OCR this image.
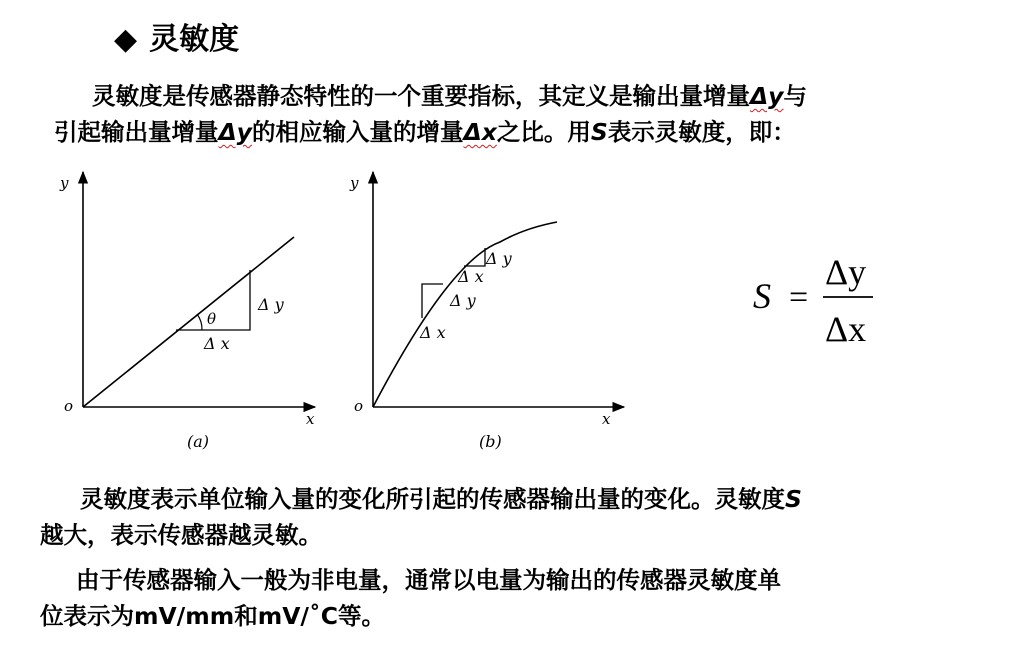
◆ 灵敏度
灵敏度是传感器静态特性的一个重要指标，其定义是输出量增量Δy与
引起输出量增量Δy的相应输入量的增量Δx之比。用S表示灵敏度，即：
y
x
o
θ
Δ x
Δ y
(a)
y
x
o
Δ x
Δ y
Δ x
Δ y
(b)
S =
Δy
Δx
灵敏度表示单位输入量的变化所引起的传感器输出量的变化。灵敏度S
越大，表示传感器越灵敏。
由于传感器输入一般为非电量，通常以电量为输出的传感器灵敏度单
位表示为mV/mm和mV/˚C等。
